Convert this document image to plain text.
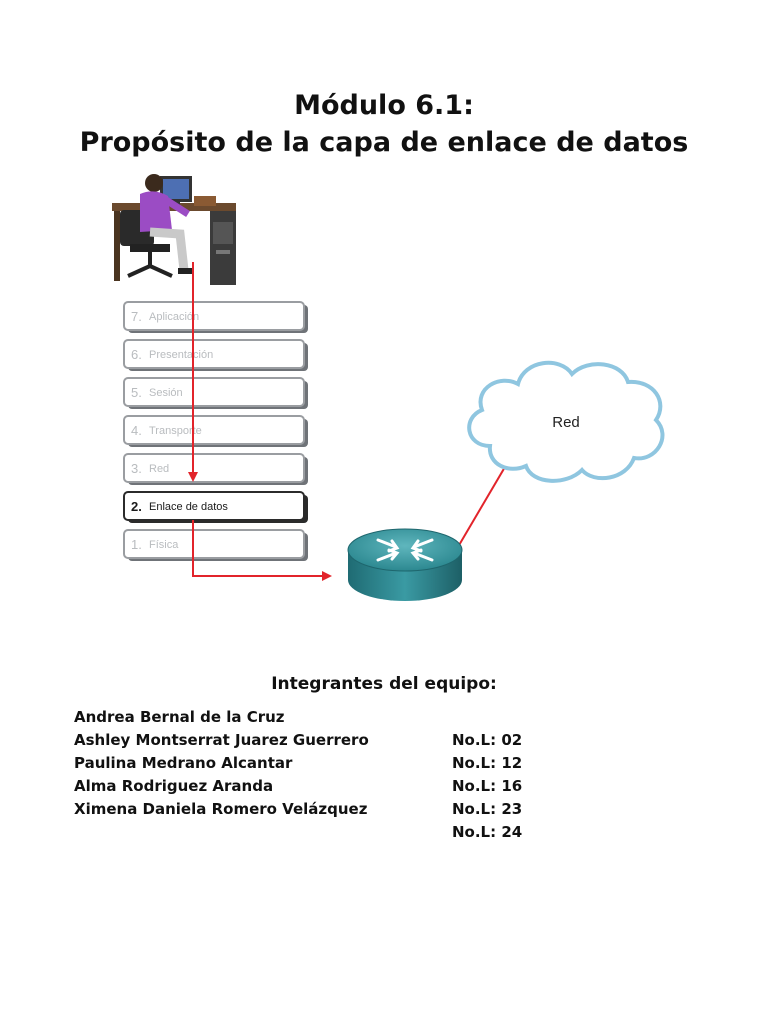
Módulo 6.1:
Propósito de la capa de enlace de datos
7. Aplicación
6. Presentación
5. Sesión
4. Transporte
3. Red
2. Enlace de datos
1. Física
Red
Integrantes del equipo:
Andrea Bernal de la Cruz
Ashley Montserrat Juarez Guerrero
Paulina Medrano Alcantar
Alma Rodriguez Aranda
Ximena Daniela Romero Velázquez
No.L: 02
No.L: 12
No.L: 16
No.L: 23
No.L: 24
